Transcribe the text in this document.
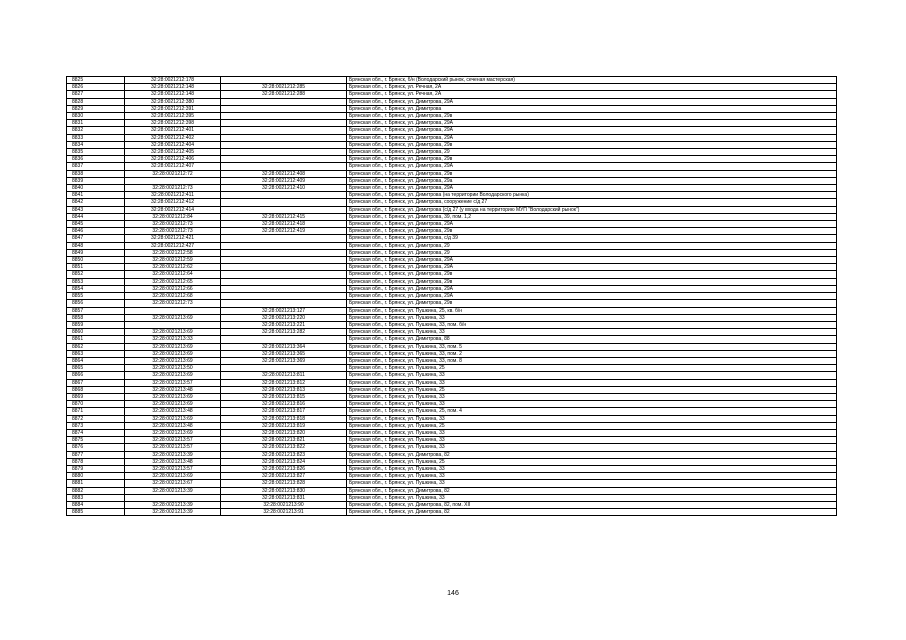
8825	32:28:0021212:178		Брянская обл., г. Брянск, б/н (Володарский рынок, сеченая мастерская)
8826	32:28:0021212:148	32:28:0021212:285	Брянская обл., г. Брянск, ул. Речная, 2А
8827	32:28:0021212:148	32:28:0021212:288	Брянская обл., г. Брянск, ул. Речная, 2А
8828	32:28:0021212:380		Брянская обл., г. Брянск, ул. Димитрова, 29А
8829	32:28:0021212:391		Брянская обл., г. Брянск, ул. Димитрова
8830	32:28:0021212:395		Брянская обл., г. Брянск, ул. Димитрова, 29в
8831	32:28:0021212:398		Брянская обл., г. Брянск, ул. Димитрова, 29А
8832	32:28:0021212:401		Брянская обл., г. Брянск, ул. Димитрова, 29А
8833	32:28:0021212:402		Брянская обл., г. Брянск, ул. Димитрова, 29А
8834	32:28:0021212:404		Брянская обл., г. Брянск, ул. Димитрова, 29в
8835	32:28:0021212:405		Брянская обл., г. Брянск, ул. Димитрова, 29
8836	32:28:0021212:406		Брянская обл., г. Брянск, ул. Димитрова, 29в
8837	32:28:0021212:407		Брянская обл., г. Брянск, ул. Димитрова, 29А
8838	32:28:0021212:72	32:28:0021212:408	Брянская обл., г. Брянск, ул. Димитрова, 29в
8839		32:28:0021212:409	Брянская обл., г. Брянск, ул. Димитрова, 29а
8840	32:28:0021212:73	32:28:0021212:410	Брянская обл., г. Брянск, ул. Димитрова, 29А
8841	32:28:0021212:411		Брянская обл., г. Брянск, ул. Димитрова (на территории Володарского рынка)
8842	32:28:0021212:412		Брянская обл., г. Брянск, ул. Димитрова, сооружение c/д 27
8843	32:28:0021212:414		Брянская обл., г. Брянск, ул. Димитрова (с/д 27 (у входа на территорию МУП "Володарский рынок")
8844	32:28:0021212:84	32:28:0021212:415	Брянская обл., г. Брянск, ул. Димитрова, 39, пом. 1,2
8845	32:28:0021212:73	32:28:0021212:418	Брянская обл., г. Брянск, ул. Димитрова, 29А
8846	32:28:0021212:73	32:28:0021212:419	Брянская обл., г. Брянск, ул. Димитрова, 29в
8847	32:28:0021212:421		Брянская обл., г. Брянск, ул. Димитрова, с/д 39
8848	32:28:0021212:427		Брянская обл., г. Брянск, ул. Димитрова, 29
8849	32:28:0021212:58		Брянская обл., г. Брянск, ул. Димитрова, 29
8850	32:28:0021212:59		Брянская обл., г. Брянск, ул. Димитрова, 29А
8851	32:28:0021212:62		Брянская обл., г. Брянск, ул. Димитрова, 29А
8852	32:28:0021212:64		Брянская обл., г. Брянск, ул. Димитрова, 29в
8853	32:28:0021212:65		Брянская обл., г. Брянск, ул. Димитрова, 29в
8854	32:28:0021212:66		Брянская обл., г. Брянск, ул. Димитрова, 29А
8855	32:28:0021212:68		Брянская обл., г. Брянск, ул. Димитрова, 29А
8856	32:28:0021212:73		Брянская обл., г. Брянск, ул. Димитрова, 29в
8857		32:28:0021213:127	Брянская обл., г. Брянск, ул. Пушкина, 25, кв. б/н
8858	32:28:0021213:69	32:28:0021213:220	Брянская обл., г. Брянск, ул. Пушкина, 33
8859		32:28:0021213:221	Брянская обл., г. Брянск, ул. Пушкина, 33, пом. б/н
8860	32:28:0021213:69	32:28:0021213:282	Брянская обл., г. Брянск, ул. Пушкина, 33
8861	32:28:0021213:33		Брянская обл., г. Брянск, ул. Димитрова, 88
8862	32:28:0021213:69	32:28:0021213:364	Брянская обл., г. Брянск, ул. Пушкина, 33, пом. 5
8863	32:28:0021213:69	32:28:0021213:365	Брянская обл., г. Брянск, ул. Пушкина, 33, пом. 2
8864	32:28:0021213:69	32:28:0021213:369	Брянская обл., г. Брянск, ул. Пушкина, 33, пом. 8
8865	32:28:0021213:50		Брянская обл., г. Брянск, ул. Пушкина, 25
8866	32:28:0021213:69	32:28:0021213:811	Брянская обл., г. Брянск, ул. Пушкина, 33
8867	32:28:0021213:57	32:28:0021213:812	Брянская обл., г. Брянск, ул. Пушкина, 33
8868	32:28:0021213:48	32:28:0021213:813	Брянская обл., г. Брянск, ул. Пушкина, 25
8869	32:28:0021213:69	32:28:0021213:815	Брянская обл., г. Брянск, ул. Пушкина, 33
8870	32:28:0021213:69	32:28:0021213:816	Брянская обл., г. Брянск, ул. Пушкина, 33
8871	32:28:0021213:48	32:28:0021213:817	Брянская обл., г. Брянск, ул. Пушкина, 25, пом. 4
8872	32:28:0021213:69	32:28:0021213:818	Брянская обл., г. Брянск, ул. Пушкина, 33
8873	32:28:0021213:48	32:28:0021213:819	Брянская обл., г. Брянск, ул. Пушкина, 25
8874	32:28:0021213:69	32:28:0021213:820	Брянская обл., г. Брянск, ул. Пушкина, 33
8875	32:28:0021213:57	32:28:0021213:821	Брянская обл., г. Брянск, ул. Пушкина, 33
8876	32:28:0021213:57	32:28:0021213:822	Брянская обл., г. Брянск, ул. Пушкина, 33
8877	32:28:0021213:39	32:28:0021213:823	Брянская обл., г. Брянск, ул. Димитрова, 82
8878	32:28:0021213:48	32:28:0021213:824	Брянская обл., г. Брянск, ул. Пушкина, 25
8879	32:28:0021213:57	32:28:0021213:826	Брянская обл., г. Брянск, ул. Пушкина, 33
8880	32:28:0021213:69	32:28:0021213:827	Брянская обл., г. Брянск, ул. Пушкина, 33
8881	32:28:0021213:67	32:28:0021213:828	Брянская обл., г. Брянск, ул. Пушкина, 33
8882	32:28:0021213:39	32:28:0021213:830	Брянская обл., г. Брянск, ул. Димитрова, 82
8883		32:28:0021213:831	Брянская обл., г. Брянск, ул. Пушкина, 33
8884	32:28:0021213:39	32:28:0021213:90	Брянская обл., г. Брянск, ул. Димитрова, 82, пом. XII
8885	32:28:0021213:39	32:28:0021213:91	Брянская обл., г. Брянск, ул. Димитрова, 82
146
